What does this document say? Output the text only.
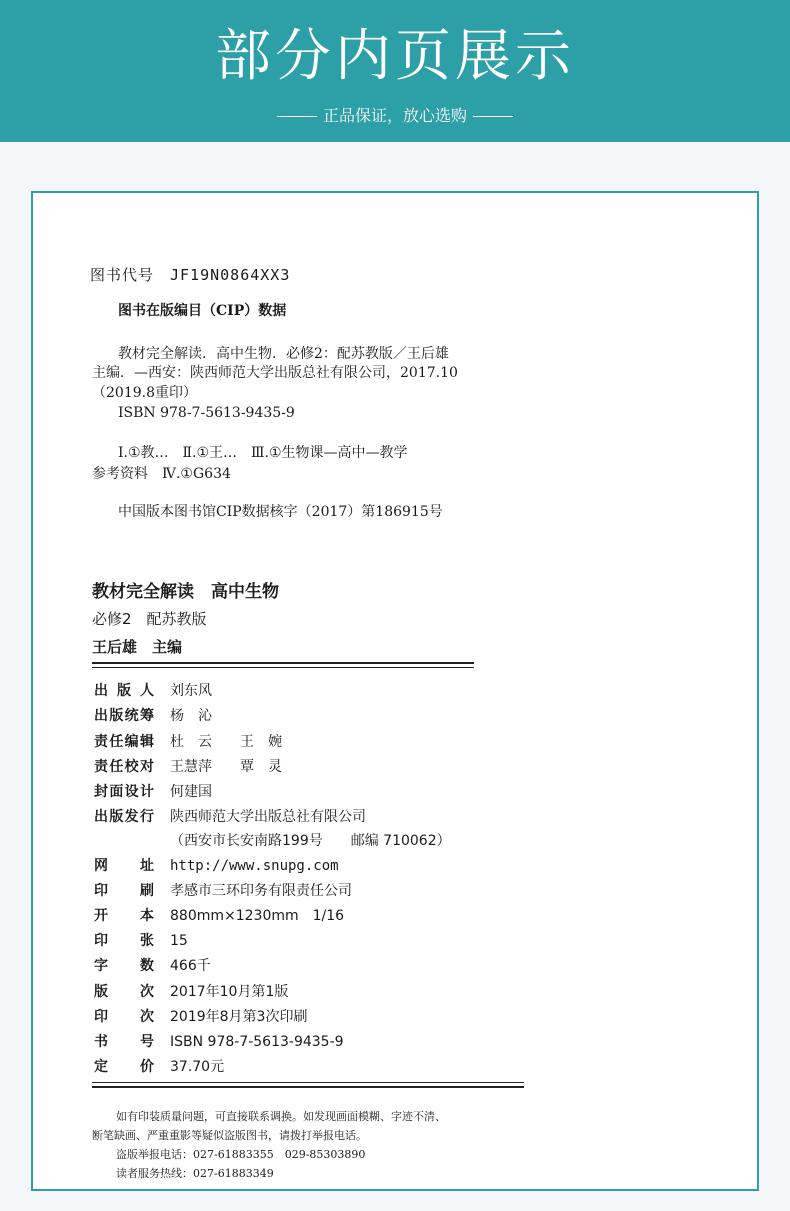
部分内页展示
正品保证，放心选购
图书代号　JF19N0864XX3
图书在版编目（CIP）数据
教材完全解读．高中生物．必修2：配苏教版／王后雄
主编．—西安：陕西师范大学出版总社有限公司，2017.10
（2019.8重印）
ISBN 978-7-5613-9435-9
Ⅰ.①教…　Ⅱ.①王…　Ⅲ.①生物课—高中—教学
参考资料　Ⅳ.①G634
中国版本图书馆CIP数据核字（2017）第186915号
教材完全解读　高中生物
必修2　配苏教版
王后雄　主编
出版人 刘东风
出版统筹 杨　沁
责任编辑 杜　云　　王　婉
责任校对 王慧萍　　覃　灵
封面设计 何建国
出版发行 陕西师范大学出版总社有限公司
（西安市长安南路199号　　邮编 710062）
网址 http://www.snupg.com
印刷 孝感市三环印务有限责任公司
开本 880mm×1230mm　1/16
印张 15
字数 466千
版次 2017年10月第1版
印次 2019年8月第3次印刷
书号 ISBN 978-7-5613-9435-9
定价 37.70元
如有印装质量问题，可直接联系调换。如发现画面模糊、字迹不清、
断笔缺画、严重重影等疑似盗版图书，请拨打举报电话。
盗版举报电话：027-61883355　029-85303890
读者服务热线：027-61883349
